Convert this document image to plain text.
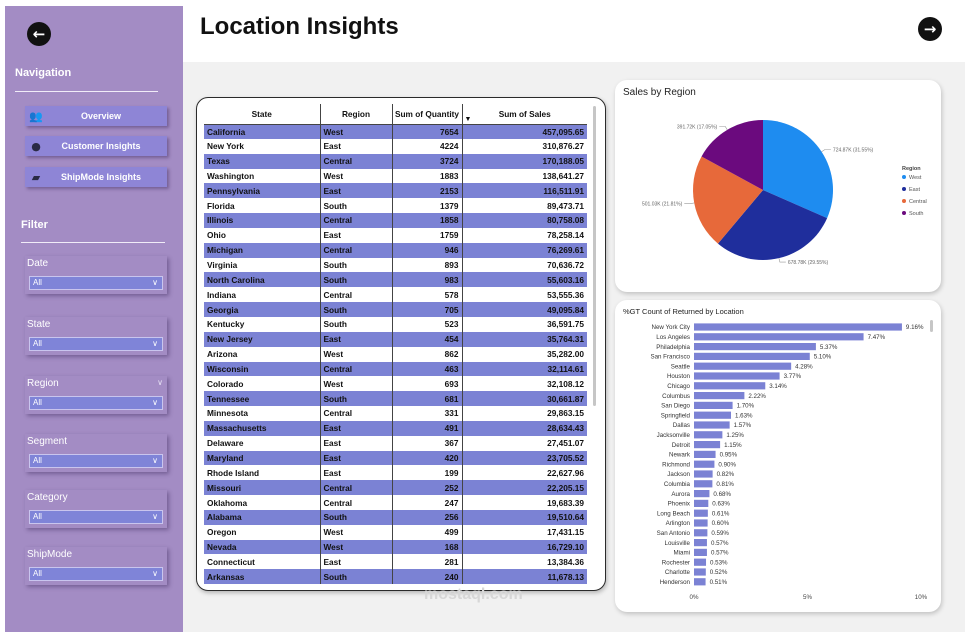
←
Navigation
👥	Overview
●	Customer Insights
▰	ShipMode Insights
Filter
Date
All	∨
State
All	∨
Region	∨
All	∨
Segment
All	∨
Category
All	∨
ShipMode
All	∨
Location Insights	→
State	Region	Sum of Quantity	Sum of Sales
▼

California	West	7654	457,095.65
New York	East	4224	310,876.27
Texas	Central	3724	170,188.05
Washington	West	1883	138,641.27
Pennsylvania	East	2153	116,511.91
Florida	South	1379	89,473.71
Illinois	Central	1858	80,758.08
Ohio	East	1759	78,258.14
Michigan	Central	946	76,269.61
Virginia	South	893	70,636.72
North Carolina	South	983	55,603.16
Indiana	Central	578	53,555.36
Georgia	South	705	49,095.84
Kentucky	South	523	36,591.75
New Jersey	East	454	35,764.31
Arizona	West	862	35,282.00
Wisconsin	Central	463	32,114.61
Colorado	West	693	32,108.12
Tennessee	South	681	30,661.87
Minnesota	Central	331	29,863.15
Massachusetts	East	491	28,634.43
Delaware	East	367	27,451.07
Maryland	East	420	23,705.52
Rhode Island	East	199	22,627.96
Missouri	Central	252	22,205.15
Oklahoma	Central	247	19,683.39
Alabama	South	256	19,510.64
Oregon	West	499	17,431.15
Nevada	West	168	16,729.10
Connecticut	East	281	13,384.36
Arkansas	South	240	11,678.13
Sales by Region
724.87K (31.55%)
678.78K (29.55%)
501.03K (21.81%)
391.72K (17.05%)
Region
West
East
Central
South
%GT Count of Returned by Location
New York City	9.16%
Los Angeles	7.47%
Philadelphia	5.37%
San Francisco	5.10%
Seattle	4.28%
Houston	3.77%
Chicago	3.14%
Columbus	2.22%
San Diego	1.70%
Springfield	1.63%
Dallas	1.57%
Jacksonville	1.25%
Detroit	1.15%
Newark	0.95%
Richmond	0.90%
Jackson	0.82%
Columbia	0.81%
Aurora	0.68%
Phoenix	0.63%
Long Beach	0.61%
Arlington	0.60%
San Antonio	0.59%
Louisville	0.57%
Miami	0.57%
Rochester	0.53%
Charlotte	0.52%
Henderson	0.51%
0%	5%	10%
mostaql.com
